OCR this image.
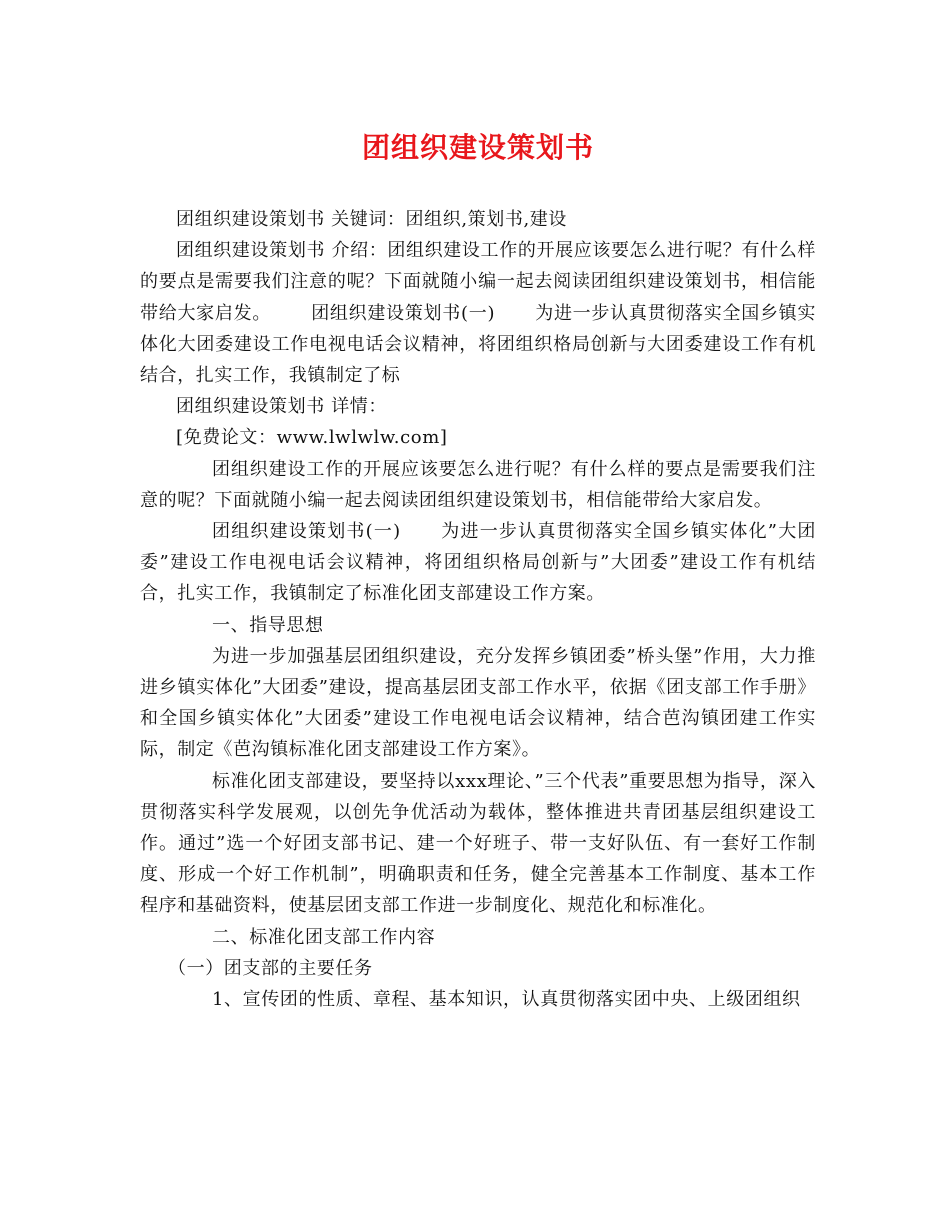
团组织建设策划书

团组织建设策划书 关键词：团组织,策划书,建设

团组织建设策划书 介绍：团组织建设工作的开展应该要怎么进行呢？有什么样的要点是需要我们注意的呢？下面就随小编一起去阅读团组织建设策划书，相信能带给大家启发。 团组织建设策划书(一) 为进一步认真贯彻落实全国乡镇实体化大团委建设工作电视电话会议精神，将团组织格局创新与大团委建设工作有机结合，扎实工作，我镇制定了标

团组织建设策划书 详情：

[免费论文：www.lwlwlw.com]

团组织建设工作的开展应该要怎么进行呢？有什么样的要点是需要我们注意的呢？下面就随小编一起去阅读团组织建设策划书，相信能带给大家启发。

团组织建设策划书(一) 为进一步认真贯彻落实全国乡镇实体化”大团委”建设工作电视电话会议精神，将团组织格局创新与”大团委”建设工作有机结合，扎实工作，我镇制定了标准化团支部建设工作方案。

一、指导思想

为进一步加强基层团组织建设，充分发挥乡镇团委”桥头堡”作用，大力推进乡镇实体化”大团委”建设，提高基层团支部工作水平，依据《团支部工作手册》和全国乡镇实体化”大团委”建设工作电视电话会议精神，结合芭沟镇团建工作实际，制定《芭沟镇标准化团支部建设工作方案》。

标准化团支部建设，要坚持以xxx理论、”三个代表”重要思想为指导，深入贯彻落实科学发展观，以创先争优活动为载体，整体推进共青团基层组织建设工作。通过”选一个好团支部书记、建一个好班子、带一支好队伍、有一套好工作制度、形成一个好工作机制”，明确职责和任务，健全完善基本工作制度、基本工作程序和基础资料，使基层团支部工作进一步制度化、规范化和标准化。

二、标准化团支部工作内容

（一）团支部的主要任务

1、宣传团的性质、章程、基本知识，认真贯彻落实团中央、上级团组织
